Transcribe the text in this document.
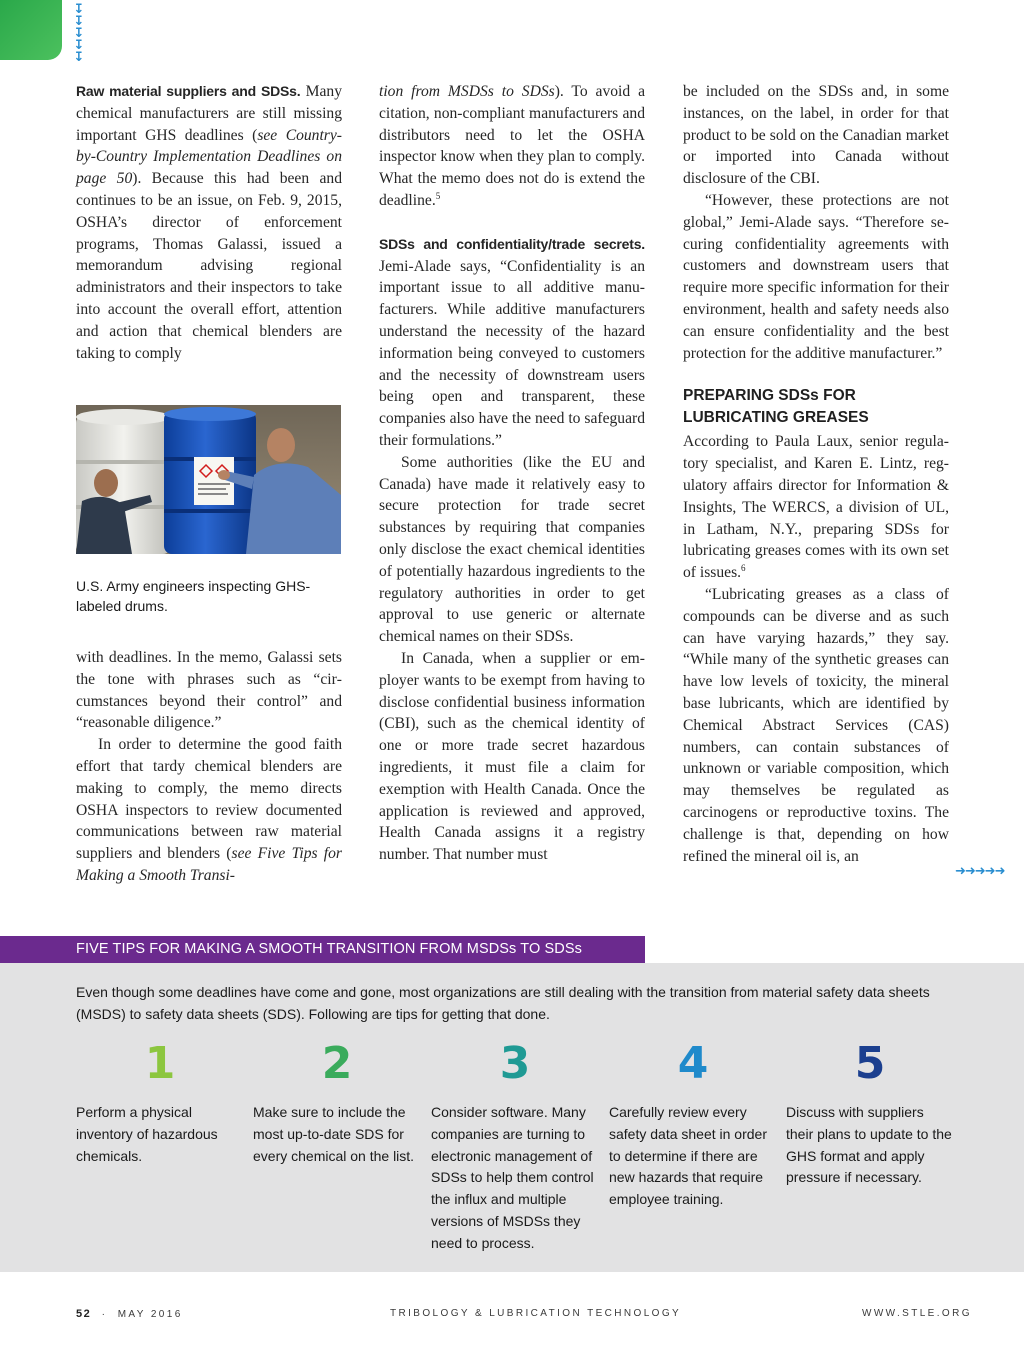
↧
↧
↧
↧
↧

Raw material suppliers and SDSs. Many chemical manufacturers are still missing important GHS deadlines (see Country-by-Country Implementation Deadlines on page 50). Because this had been and continues to be an issue, on Feb. 9, 2015, OSHA’s director of enforcement programs, Thomas Galassi, issued a memorandum advising regional administrators and their inspectors to take into account the overall effort, attention and action that chemical blenders are taking to comply

U.S. Army engineers inspecting GHS-labeled drums.

with deadlines. In the memo, Galassi sets the tone with phrases such as “circumstances beyond their control” and “reasonable diligence.”

In order to determine the good faith effort that tardy chemical blenders are making to comply, the memo directs OSHA inspectors to review documented communications between raw material suppliers and blenders (see Five Tips for Making a Smooth Transi-

tion from MSDSs to SDSs). To avoid a citation, non-compliant manufacturers and distributors need to let the OSHA inspector know when they plan to comply. What the memo does not do is extend the deadline.$^5$

SDSs and confidentiality/trade secrets. Jemi-Alade says, “Confidentiality is an important issue to all additive manufacturers. While additive manufacturers understand the necessity of the hazard information being conveyed to customers and the necessity of downstream users being open and transparent, these companies also have the need to safeguard their formulations.”

Some authorities (like the EU and Canada) have made it relatively easy to secure protection for trade secret substances by requiring that companies only disclose the exact chemical identities of potentially hazardous ingredients to the regulatory authorities in order to get approval to use generic or alternate chemical names on their SDSs.

In Canada, when a supplier or employer wants to be exempt from having to disclose confidential business information (CBI), such as the chemical identity of one or more trade secret hazardous ingredients, it must file a claim for exemption with Health Canada. Once the application is reviewed and approved, Health Canada assigns it a registry number. That number must

be included on the SDSs and, in some instances, on the label, in order for that product to be sold on the Canadian market or imported into Canada without disclosure of the CBI.

“However, these protections are not global,” Jemi-Alade says. “Therefore securing confidentiality agreements with customers and downstream users that require more specific information for their environment, health and safety needs also can ensure confidentiality and the best protection for the additive manufacturer.”

PREPARING SDSs FOR
LUBRICATING GREASES

According to Paula Laux, senior regulatory specialist, and Karen E. Lintz, regulatory affairs director for Information & Insights, The WERCS, a division of UL, in Latham, N.Y., preparing SDSs for lubricating greases comes with its own set of issues.$^6$

“Lubricating greases as a class of compounds can be diverse and as such can have varying hazards,” they say. “While many of the synthetic greases can have low levels of toxicity, the mineral base lubricants, which are identified by Chemical Abstract Services (CAS) numbers, can contain substances of unknown or variable composition, which may themselves be regulated as carcinogens or reproductive toxins. The challenge is that, depending on how refined the mineral oil is, an

➜➜➜➜➜
FIVE TIPS FOR MAKING A SMOOTH TRANSITION FROM MSDSs TO SDSs
Even though some deadlines have come and gone, most organizations are still dealing with the transition from material safety data sheets (MSDS) to safety data sheets (SDS). Following are tips for getting that done.
1
Perform a physical inventory of hazardous chemicals.
2
Make sure to include the most up-to-date SDS for every chemical on the list.
3
Consider software. Many companies are turning to electronic management of SDSs to help them control the influx and multiple versions of MSDSs they need to process.
4
Carefully review every safety data sheet in order to determine if there are new hazards that require employee training.
5
Discuss with suppliers their plans to update to the GHS format and apply pressure if necessary.
52 · MAY 2016	TRIBOLOGY & LUBRICATION TECHNOLOGY	WWW.STLE.ORG
